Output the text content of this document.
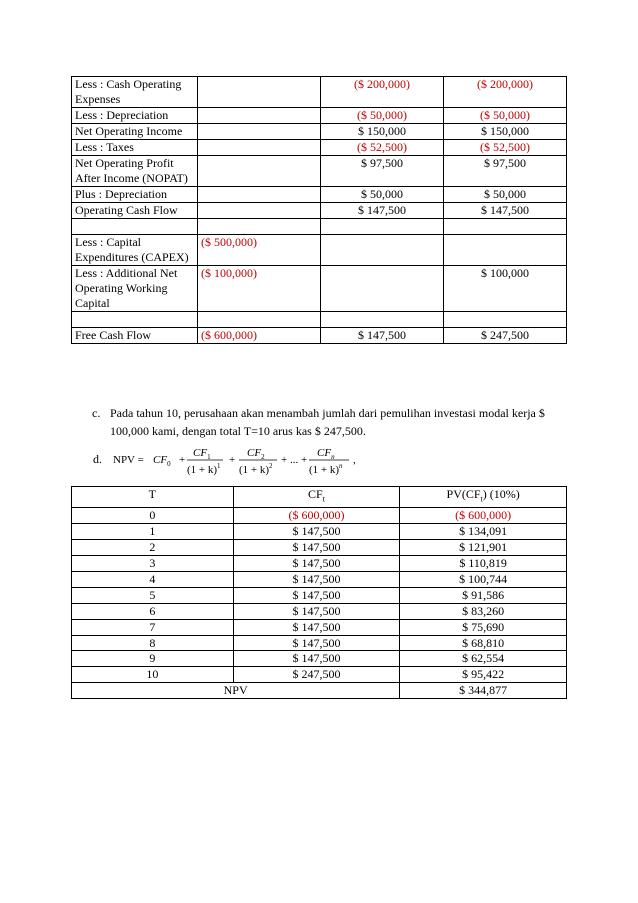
Less : Cash Operating Expenses		($ 200,000)	($ 200,000)
Less : Depreciation		($ 50,000)	($ 50,000)
Net Operating Income		$ 150,000	$ 150,000
Less : Taxes		($ 52,500)	($ 52,500)
Net Operating Profit After Income (NOPAT)		$ 97,500	$ 97,500
Plus : Depreciation		$ 50,000	$ 50,000
Operating Cash Flow		$ 147,500	$ 147,500

Less : Capital Expenditures (CAPEX)	($ 500,000)		
Less : Additional Net Operating Working Capital	($ 100,000)		$ 100,000

Free Cash Flow	($ 600,000)	$ 147,500	$ 247,500
c. Pada tahun 10, perusahaan akan menambah jumlah dari pemulihan investasi modal kerja $ 100,000 kami, dengan total T=10 arus kas $ 247,500.
d. NPV = $CF_0$ +
$CF_1$
$(1 + k)^1$ +
$CF_2$
$(1 + k)^2$ + ... +
$CF_n$
$(1 + k)^n$ ,
T	$CF_t$	$PV(CF_t)$ (10%)
0	($ 600,000)	($ 600,000)
1	$ 147,500	$ 134,091
2	$ 147,500	$ 121,901
3	$ 147,500	$ 110,819
4	$ 147,500	$ 100,744
5	$ 147,500	$ 91,586
6	$ 147,500	$ 83,260
7	$ 147,500	$ 75,690
8	$ 147,500	$ 68,810
9	$ 147,500	$ 62,554
10	$ 247,500	$ 95,422
NPV		$ 344,877
